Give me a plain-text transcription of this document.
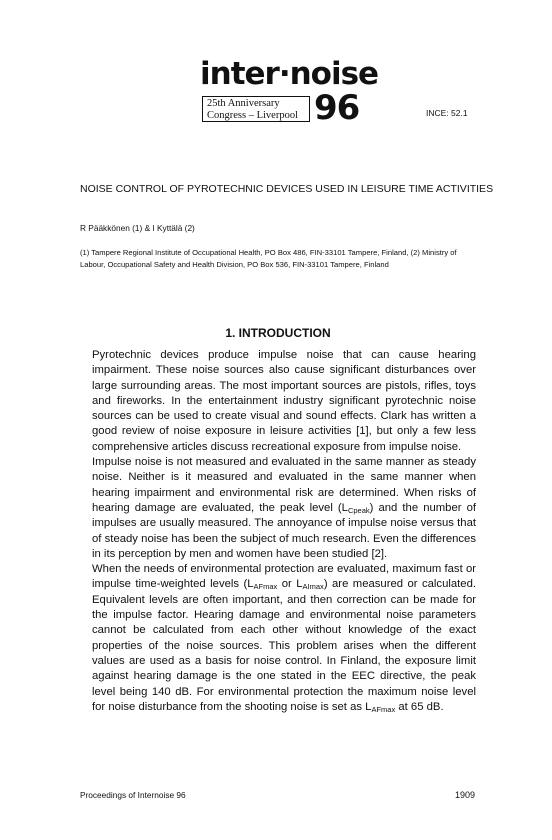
inter·noise
25th Anniversary
Congress – Liverpool 96	INCE: 52.1
NOISE CONTROL OF PYROTECHNIC DEVICES USED IN LEISURE TIME ACTIVITIES
R Pääkkönen (1) & I Kyttälä (2)
(1) Tampere Regional Institute of Occupational Health, PO Box 486, FIN-33101 Tampere, Finland, (2) Ministry of Labour, Occupational Safety and Health Division, PO Box 536, FIN-33101 Tampere, Finland
1. INTRODUCTION

Pyrotechnic devices produce impulse noise that can cause hearing impairment. These noise sources also cause significant disturbances over large surrounding areas. The most important sources are pistols, rifles, toys and fireworks. In the entertainment industry significant pyrotechnic noise sources can be used to create visual and sound effects. Clark has written a good review of noise exposure in leisure activities [1], but only a few less comprehensive articles discuss recreational exposure from impulse noise.

Impulse noise is not measured and evaluated in the same manner as steady noise. Neither is it measured and evaluated in the same manner when hearing impairment and environmental risk are determined. When risks of hearing damage are evaluated, the peak level $(L_{Cpeak})$ and the number of impulses are usually measured. The annoyance of impulse noise versus that of steady noise has been the subject of much research. Even the differences in its perception by men and women have been studied [2].

When the needs of environmental protection are evaluated, maximum fast or impulse time-weighted levels ($L_{AFmax}$ or $L_{AImax}$) are measured or calculated. Equivalent levels are often important, and then correction can be made for the impulse factor. Hearing damage and environmental noise parameters cannot be calculated from each other without knowledge of the exact properties of the noise sources. This problem arises when the different values are used as a basis for noise control. In Finland, the exposure limit against hearing damage is the one stated in the EEC directive, the peak level being 140 dB. For environmental protection the maximum noise level for noise disturbance from the shooting noise is set as $L_{AFmax}$ at 65 dB.

Proceedings of Internoise 96	1909
